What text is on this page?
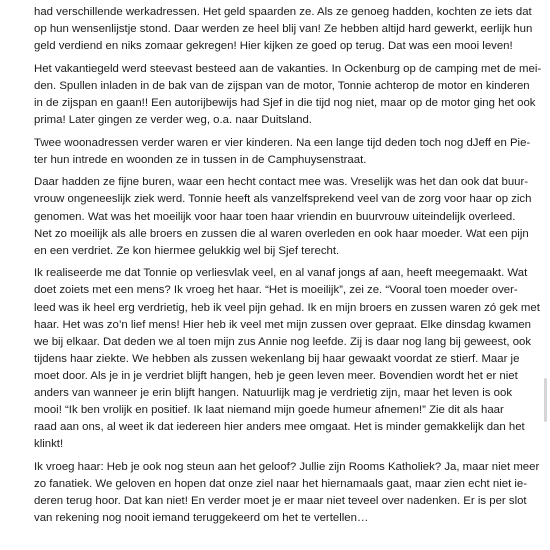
had verschillende werkadressen. Het geld spaarden ze. Als ze genoeg hadden, kochten ze iets dat
op hun wensenlijstje stond. Daar werden ze heel blij van! Ze hebben altijd hard gewerkt, eerlijk hun
geld verdiend en niks zomaar gekregen! Hier kijken ze goed op terug. Dat was een mooi leven!

Het vakantiegeld werd steevast besteed aan de vakanties. In Ockenburg op de camping met de mei-
den. Spullen inladen in de bak van de zijspan van de motor, Tonnie achterop de motor en kinderen
in de zijspan en gaan!! Een autorijbewijs had Sjef in die tijd nog niet, maar op de motor ging het ook
prima! Later gingen ze verder weg, o.a. naar Duitsland.

Twee woonadressen verder waren er vier kinderen. Na een lange tijd deden toch nog dJeff en Pie-
ter hun intrede en woonden ze in tussen in de Camphuysenstraat.

Daar hadden ze fijne buren, waar een hecht contact mee was. Vreselijk was het dan ook dat buur-
vrouw ongeneeslijk ziek werd. Tonnie heeft als vanzelfsprekend veel van de zorg voor haar op zich
genomen. Wat was het moeilijk voor haar toen haar vriendin en buurvrouw uiteindelijk overleed.
Net zo moeilijk als alle broers en zussen die al waren overleden en ook haar moeder. Wat een pijn
en een verdriet. Ze kon hiermee gelukkig wel bij Sjef terecht.

Ik realiseerde me dat Tonnie op verliesvlak veel, en al vanaf jongs af aan, heeft meegemaakt. Wat
doet zoiets met een mens? Ik vroeg het haar. “Het is moeilijk”, zei ze. “Vooral toen moeder over-
leed was ik heel erg verdrietig, heb ik veel pijn gehad. Ik en mijn broers en zussen waren zó gek met
haar. Het was zo’n lief mens! Hier heb ik veel met mijn zussen over gepraat. Elke dinsdag kwamen
we bij elkaar. Dat deden we al toen mijn zus Annie nog leefde. Zij is daar nog lang bij geweest, ook
tijdens haar ziekte. We hebben als zussen wekenlang bij haar gewaakt voordat ze stierf. Maar je
moet door. Als je in je verdriet blijft hangen, heb je geen leven meer. Bovendien wordt het er niet
anders van wanneer je erin blijft hangen. Natuurlijk mag je verdrietig zijn, maar het leven is ook
mooi! “Ik ben vrolijk en positief. Ik laat niemand mijn goede humeur afnemen!” Zie dit als haar
raad aan ons, al weet ik dat iedereen hier anders mee omgaat. Het is minder gemakkelijk dan het
klinkt!

Ik vroeg haar: Heb je ook nog steun aan het geloof? Jullie zijn Rooms Katholiek? Ja, maar niet meer
zo fanatiek. We geloven en hopen dat onze ziel naar het hiernamaals gaat, maar zien echt niet ie-
deren terug hoor. Dat kan niet! En verder moet je er maar niet teveel over nadenken. Er is per slot
van rekening nog nooit iemand teruggekeerd om het te vertellen…
